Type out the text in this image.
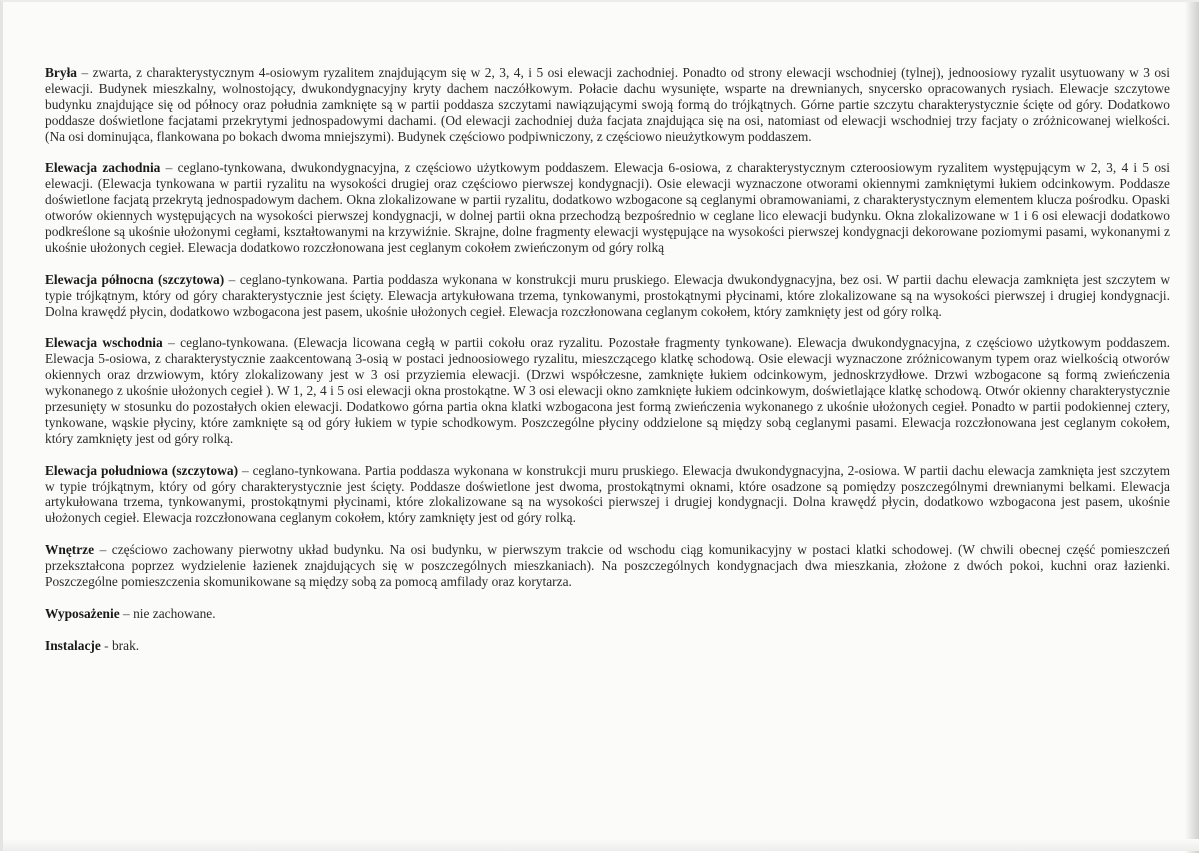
Bryła – zwarta, z charakterystycznym 4-osiowym ryzalitem znajdującym się w 2, 3, 4, i 5 osi elewacji zachodniej. Ponadto od strony elewacji wschodniej (tylnej), jednoosiowy ryzalit usytuowany w 3 osi elewacji. Budynek mieszkalny, wolnostojący, dwukondygnacyjny kryty dachem naczółkowym. Połacie dachu wysunięte, wsparte na drewnianych, snycersko opracowanych rysiach. Elewacje szczytowe budynku znajdujące się od północy oraz południa zamknięte są w partii poddasza szczytami nawiązującymi swoją formą do trójkątnych. Górne partie szczytu charakterystycznie ścięte od góry. Dodatkowo poddasze doświetlone facjatami przekrytymi jednospadowymi dachami. (Od elewacji zachodniej duża facjata znajdująca się na osi, natomiast od elewacji wschodniej trzy facjaty o zróżnicowanej wielkości. (Na osi dominująca, flankowana po bokach dwoma mniejszymi). Budynek częściowo podpiwniczony, z częściowo nieużytkowym poddaszem.

Elewacja zachodnia – ceglano-tynkowana, dwukondygnacyjna, z częściowo użytkowym poddaszem. Elewacja 6-osiowa, z charakterystycznym czteroosiowym ryzalitem występującym w 2, 3, 4 i 5 osi elewacji. (Elewacja tynkowana w partii ryzalitu na wysokości drugiej oraz częściowo pierwszej kondygnacji). Osie elewacji wyznaczone otworami okiennymi zamkniętymi łukiem odcinkowym. Poddasze doświetlone facjatą przekrytą jednospadowym dachem. Okna zlokalizowane w partii ryzalitu, dodatkowo wzbogacone są ceglanymi obramowaniami, z charakterystycznym elementem klucza pośrodku. Opaski otworów okiennych występujących na wysokości pierwszej kondygnacji, w dolnej partii okna przechodzą bezpośrednio w ceglane lico elewacji budynku. Okna zlokalizowane w 1 i 6 osi elewacji dodatkowo podkreślone są ukośnie ułożonymi cegłami, kształtowanymi na krzywiźnie. Skrajne, dolne fragmenty elewacji występujące na wysokości pierwszej kondygnacji dekorowane poziomymi pasami, wykonanymi z ukośnie ułożonych cegieł. Elewacja dodatkowo rozczłonowana jest ceglanym cokołem zwieńczonym od góry rolką

Elewacja północna (szczytowa) – ceglano-tynkowana. Partia poddasza wykonana w konstrukcji muru pruskiego. Elewacja dwukondygnacyjna, bez osi. W partii dachu elewacja zamknięta jest szczytem w typie trójkątnym, który od góry charakterystycznie jest ścięty. Elewacja artykułowana trzema, tynkowanymi, prostokątnymi płycinami, które zlokalizowane są na wysokości pierwszej i drugiej kondygnacji. Dolna krawędź płycin, dodatkowo wzbogacona jest pasem, ukośnie ułożonych cegieł. Elewacja rozczłonowana ceglanym cokołem, który zamknięty jest od góry rolką.

Elewacja wschodnia – ceglano-tynkowana. (Elewacja licowana cegłą w partii cokołu oraz ryzalitu. Pozostałe fragmenty tynkowane). Elewacja dwukondygnacyjna, z częściowo użytkowym poddaszem. Elewacja 5-osiowa, z charakterystycznie zaakcentowaną 3-osią w postaci jednoosiowego ryzalitu, mieszczącego klatkę schodową. Osie elewacji wyznaczone zróżnicowanym typem oraz wielkością otworów okiennych oraz drzwiowym, który zlokalizowany jest w 3 osi przyziemia elewacji. (Drzwi współczesne, zamknięte łukiem odcinkowym, jednoskrzydłowe. Drzwi wzbogacone są formą zwieńczenia wykonanego z ukośnie ułożonych cegieł ). W 1, 2, 4 i 5 osi elewacji okna prostokątne. W 3 osi elewacji okno zamknięte łukiem odcinkowym, doświetlające klatkę schodową. Otwór okienny charakterystycznie przesunięty w stosunku do pozostałych okien elewacji. Dodatkowo górna partia okna klatki wzbogacona jest formą zwieńczenia wykonanego z ukośnie ułożonych cegieł. Ponadto w partii podokiennej cztery, tynkowane, wąskie płyciny, które zamknięte są od góry łukiem w typie schodkowym. Poszczególne płyciny oddzielone są między sobą ceglanymi pasami. Elewacja rozczłonowana jest ceglanym cokołem, który zamknięty jest od góry rolką.

Elewacja południowa (szczytowa) – ceglano-tynkowana. Partia poddasza wykonana w konstrukcji muru pruskiego. Elewacja dwukondygnacyjna, 2-osiowa. W partii dachu elewacja zamknięta jest szczytem w typie trójkątnym, który od góry charakterystycznie jest ścięty. Poddasze doświetlone jest dwoma, prostokątnymi oknami, które osadzone są pomiędzy poszczególnymi drewnianymi belkami. Elewacja artykułowana trzema, tynkowanymi, prostokątnymi płycinami, które zlokalizowane są na wysokości pierwszej i drugiej kondygnacji. Dolna krawędź płycin, dodatkowo wzbogacona jest pasem, ukośnie ułożonych cegieł. Elewacja rozczłonowana ceglanym cokołem, który zamknięty jest od góry rolką.

Wnętrze – częściowo zachowany pierwotny układ budynku. Na osi budynku, w pierwszym trakcie od wschodu ciąg komunikacyjny w postaci klatki schodowej. (W chwili obecnej część pomieszczeń przekształcona poprzez wydzielenie łazienek znajdujących się w poszczególnych mieszkaniach). Na poszczególnych kondygnacjach dwa mieszkania, złożone z dwóch pokoi, kuchni oraz łazienki. Poszczególne pomieszczenia skomunikowane są między sobą za pomocą amfilady oraz korytarza.

Wyposażenie – nie zachowane.

Instalacje - brak.
